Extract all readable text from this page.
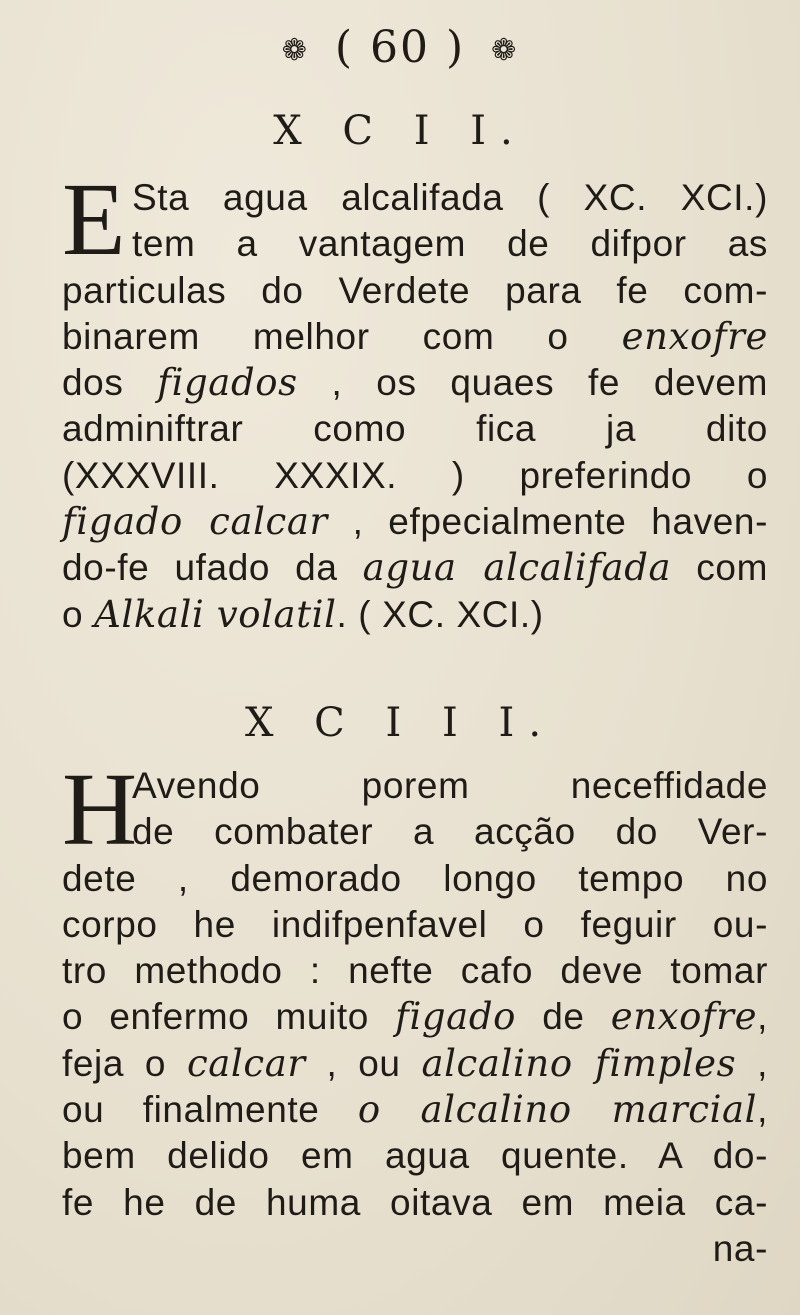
❁ ( 60 ) ❁
X C I I.
E Sta agua alcalifada ( XC. XCI.)
tem a vantagem de difpor as
particulas do Verdete para fe com-
binarem melhor com o enxofre
dos figados , os quaes fe devem
adminiftrar como fica ja dito
(XXXVIII. XXXIX. ) preferindo o
figado calcar , efpecialmente haven-
do-fe ufado da agua alcalifada com
o Alkali volatil. ( XC. XCI.)
X C I I I.
H
Avendo porem neceffidade
de combater a acção do Ver-
dete , demorado longo tempo no
corpo he indifpenfavel o feguir ou-
tro methodo : nefte cafo deve tomar
o enfermo muito figado de enxofre,
feja o calcar , ou alcalino fimples ,
ou finalmente o alcalino marcial,
bem delido em agua quente. A do-
fe he de huma oitava em meia ca-
na-
